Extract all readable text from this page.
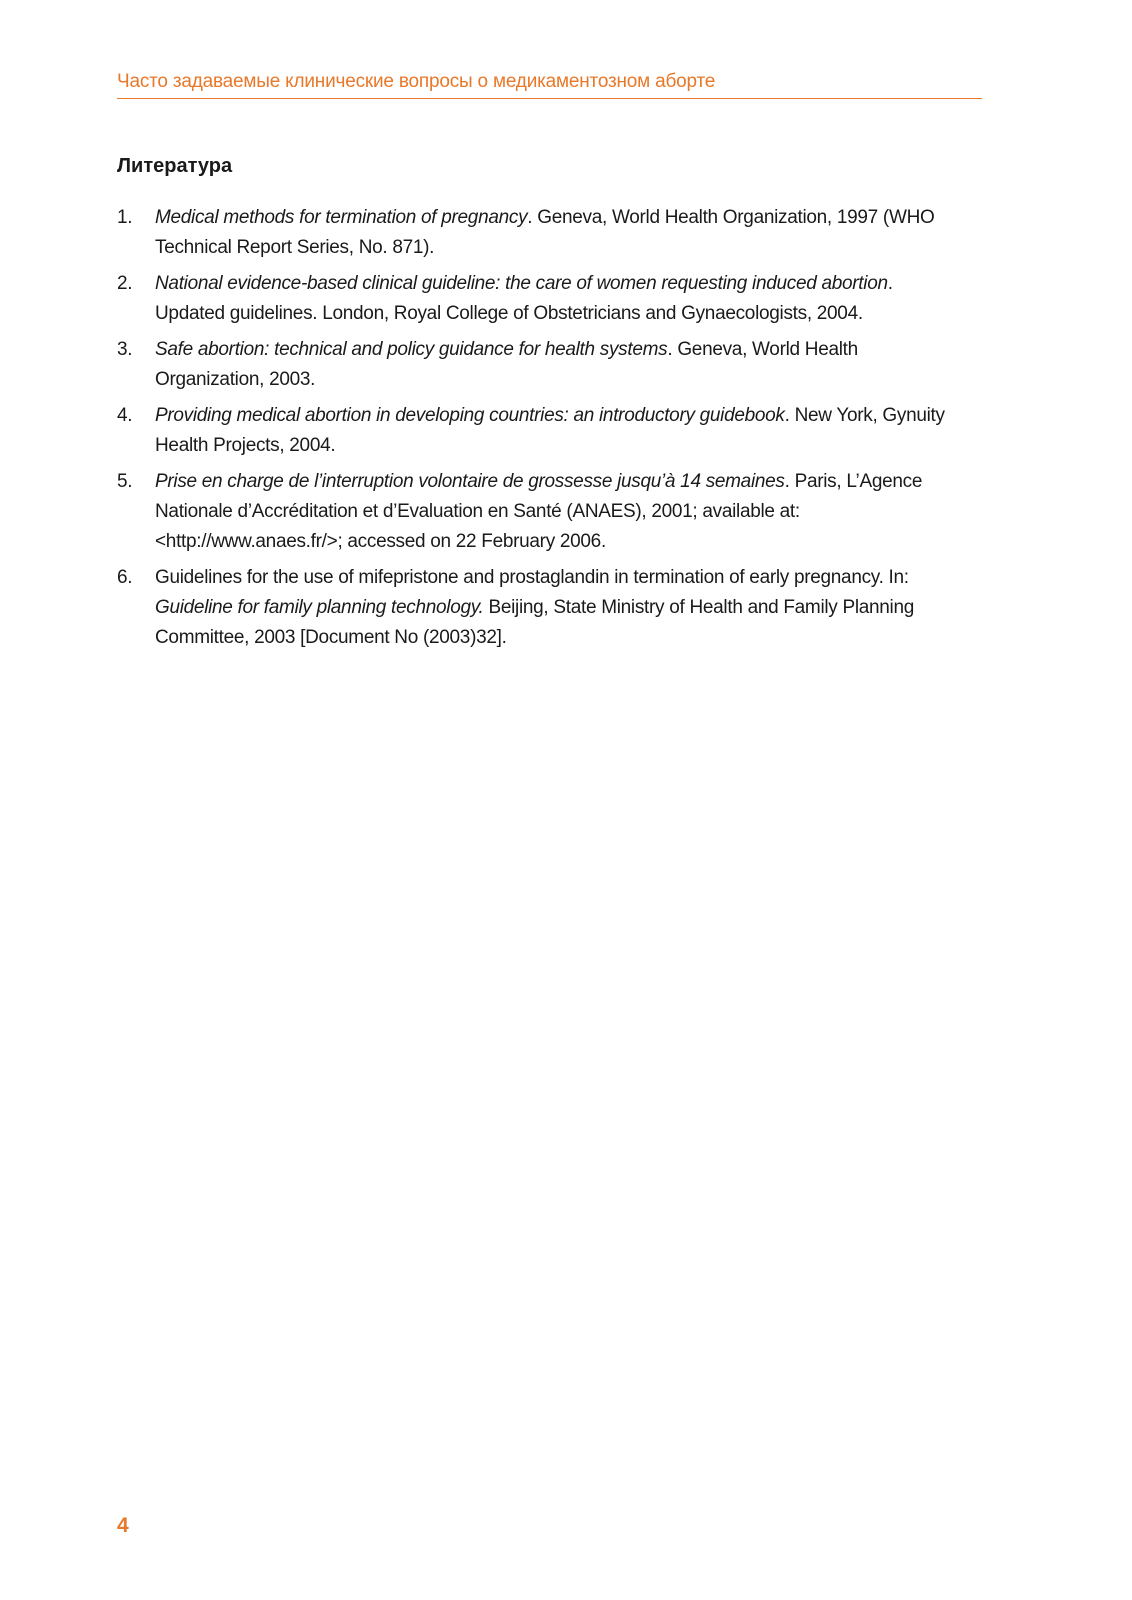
Часто задаваемые клинические вопросы о медикаментозном аборте
Литература
1. Medical methods for termination of pregnancy. Geneva, World Health Organization, 1997 (WHO Technical Report Series, No. 871).
2. National evidence-based clinical guideline: the care of women requesting induced abortion. Updated guidelines. London, Royal College of Obstetricians and Gynaecologists, 2004.
3. Safe abortion: technical and policy guidance for health systems. Geneva, World Health Organization, 2003.
4. Providing medical abortion in developing countries: an introductory guidebook. New York, Gynuity Health Projects, 2004.
5. Prise en charge de l’interruption volontaire de grossesse jusqu’à 14 semaines. Paris, L’Agence Nationale d’Accréditation et d’Evaluation en Santé (ANAES), 2001; available at: <http://www.anaes.fr/>; accessed on 22 February 2006.
6. Guidelines for the use of mifepristone and prostaglandin in termination of early pregnancy. In: Guideline for family planning technology. Beijing, State Ministry of Health and Family Planning Committee, 2003 [Document No (2003)32].
4
